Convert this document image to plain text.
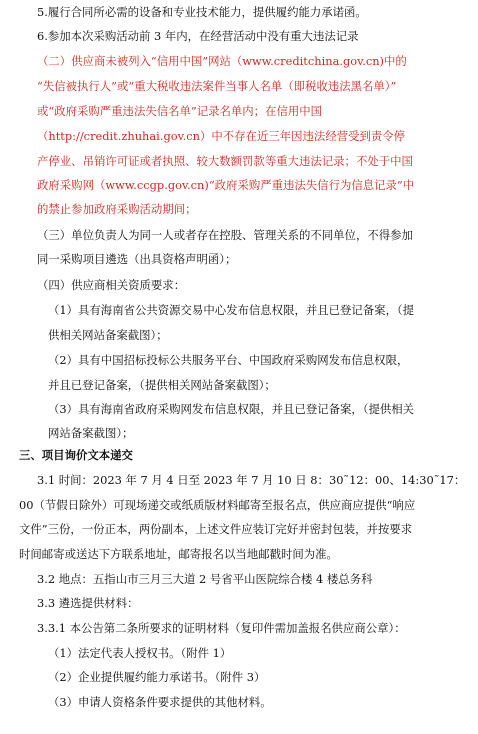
5.履行合同所必需的设备和专业技术能力，提供履约能力承诺函。
6.参加本次采购活动前 3 年内，在经营活动中没有重大违法记录
（二）供应商未被列入“信用中国”网站（www.creditchina.gov.cn)中的
“失信被执行人”或“重大税收违法案件当事人名单（即税收违法黑名单）”
或“政府采购严重违法失信名单”记录名单内；在信用中国
（http://credit.zhuhai.gov.cn）中不存在近三年因违法经营受到责令停
产停业、吊销许可证或者执照、较大数额罚款等重大违法记录；不处于中国
政府采购网（www.ccgp.gov.cn)“政府采购严重违法失信行为信息记录”中
的禁止参加政府采购活动期间；
（三）单位负责人为同一人或者存在控股、管理关系的不同单位，不得参加
同一采购项目遴选（出具资格声明函）；
（四）供应商相关资质要求：
（1）具有海南省公共资源交易中心发布信息权限，并且已登记备案，（提
供相关网站备案截图）；
（2）具有中国招标投标公共服务平台、中国政府采购网发布信息权限，
并且已登记备案，（提供相关网站备案截图）；
（3）具有海南省政府采购网发布信息权限，并且已登记备案，（提供相关
网站备案截图）；
三、项目询价文本递交
3.1 时间：2023 年 7 月 4 日至 2023 年 7 月 10 日 8：30˜12：00、14:30˜17：
00（节假日除外）可现场递交或纸质版材料邮寄至报名点，供应商应提供“响应
文件”三份，一份正本，两份副本，上述文件应装订完好并密封包装，并按要求
时间邮寄或送达下方联系地址，邮寄报名以当地邮戳时间为准。
3.2 地点：五指山市三月三大道 2 号省平山医院综合楼 4 楼总务科
3.3 遴选提供材料：
3.3.1 本公告第二条所要求的证明材料（复印件需加盖报名供应商公章）：
（1）法定代表人授权书。（附件 1）
（2）企业提供履约能力承诺书。（附件 3）
（3）申请人资格条件要求提供的其他材料。
